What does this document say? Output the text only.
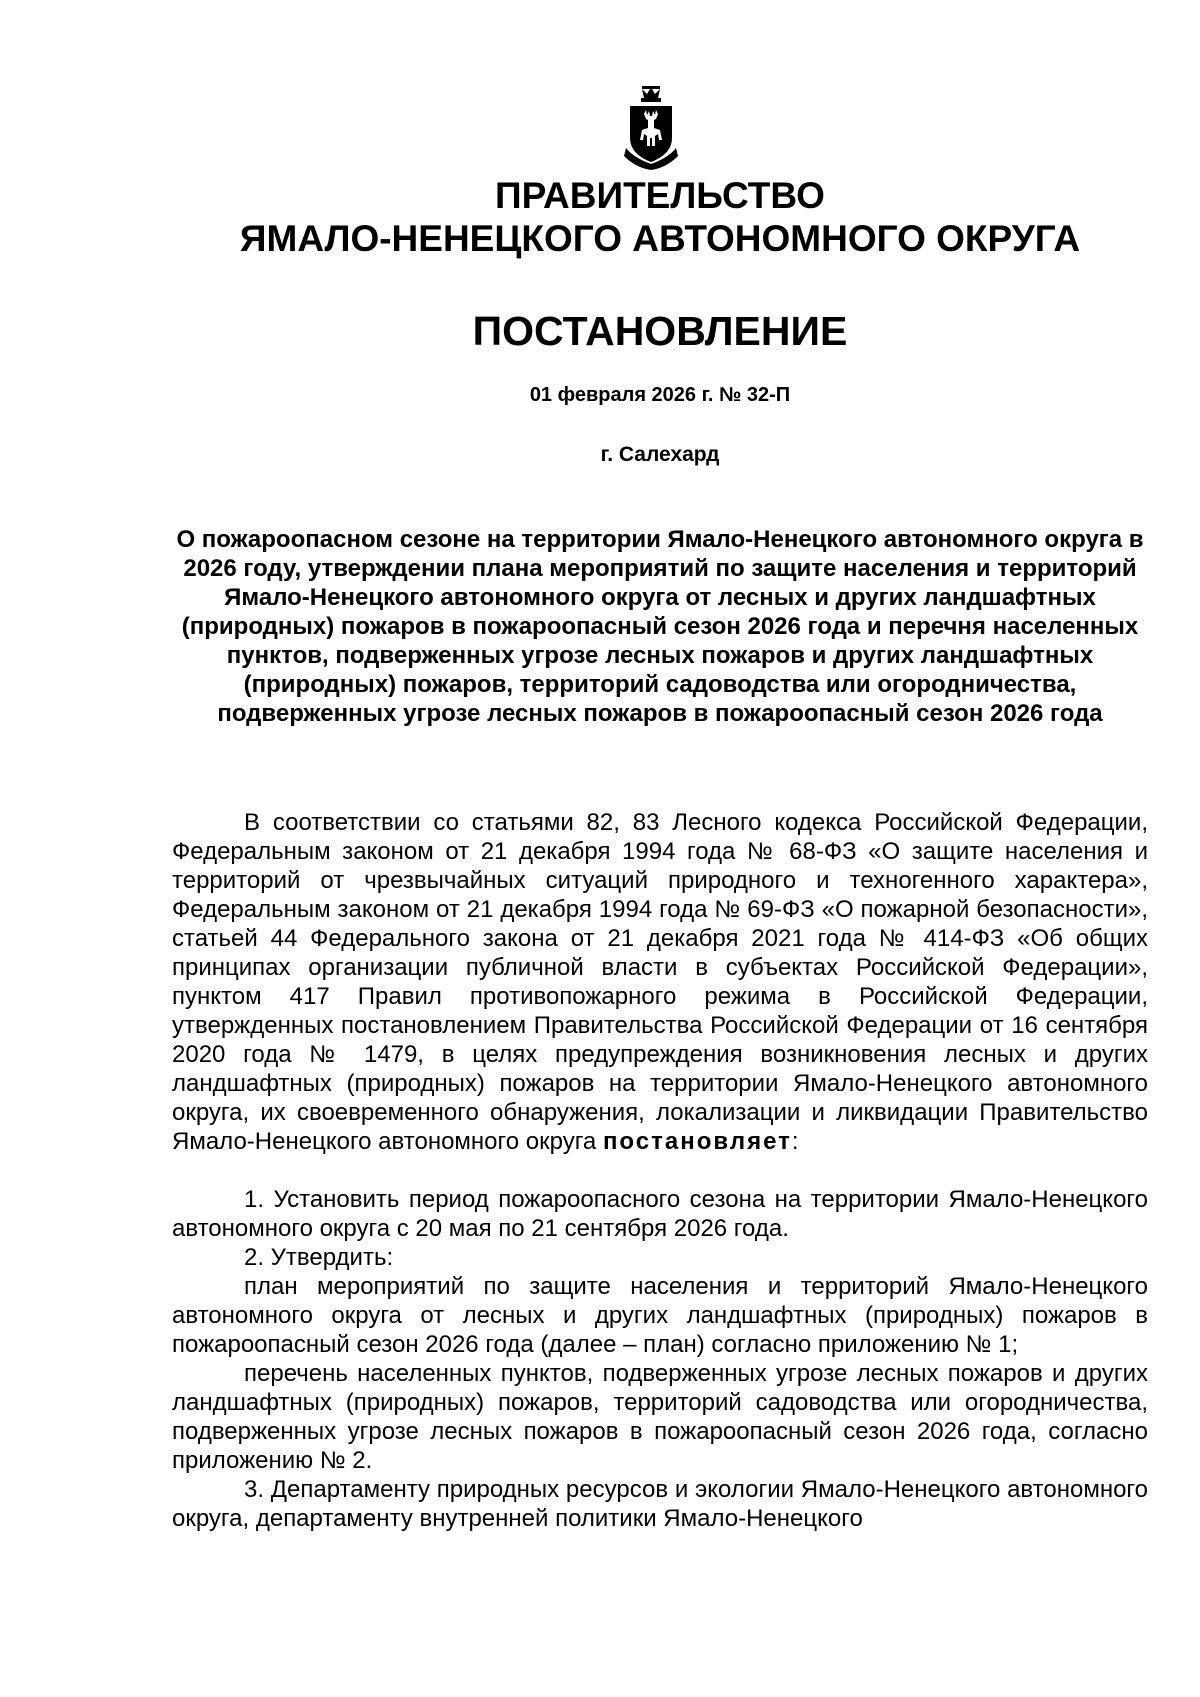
ПРАВИТЕЛЬСТВО

ЯМАЛО-НЕНЕЦКОГО АВТОНОМНОГО ОКРУГА

ПОСТАНОВЛЕНИЕ

01 февраля 2026 г. № 32-П

г. Салехард

О пожароопасном сезоне на территории Ямало-Ненецкого автономного округа в 2026 году, утверждении плана мероприятий по защите населения и территорий Ямало-Ненецкого автономного округа от лесных и других ландшафтных (природных) пожаров в пожароопасный сезон 2026 года и перечня населенных пунктов, подверженных угрозе лесных пожаров и других ландшафтных (природных) пожаров, территорий садоводства или огородничества, подверженных угрозе лесных пожаров в пожароопасный сезон 2026 года

В соответствии со статьями 82, 83 Лесного кодекса Российской Федерации, Федеральным законом от 21 декабря 1994 года № 68-ФЗ «О защите населения и территорий от чрезвычайных ситуаций природного и техногенного характера», Федеральным законом от 21 декабря 1994 года № 69-ФЗ «О пожарной безопасности», статьей 44 Федерального закона от 21 декабря 2021 года № 414-ФЗ «Об общих принципах организации публичной власти в субъектах Российской Федерации», пунктом 417 Правил противопожарного режима в Российской Федерации, утвержденных постановлением Правительства Российской Федерации от 16 сентября 2020 года № 1479, в целях предупреждения возникновения лесных и других ландшафтных (природных) пожаров на территории Ямало-Ненецкого автономного округа, их своевременного обнаружения, локализации и ликвидации Правительство Ямало-Ненецкого автономного округа постановляет:

1. Установить период пожароопасного сезона на территории Ямало-Ненецкого автономного округа с 20 мая по 21 сентября 2026 года.

2. Утвердить:

план мероприятий по защите населения и территорий Ямало-Ненецкого автономного округа от лесных и других ландшафтных (природных) пожаров в пожароопасный сезон 2026 года (далее – план) согласно приложению № 1;

перечень населенных пунктов, подверженных угрозе лесных пожаров и других ландшафтных (природных) пожаров, территорий садоводства или огородничества, подверженных угрозе лесных пожаров в пожароопасный сезон 2026 года, согласно приложению № 2.

3. Департаменту природных ресурсов и экологии Ямало-Ненецкого автономного округа, департаменту внутренней политики Ямало-Ненецкого
